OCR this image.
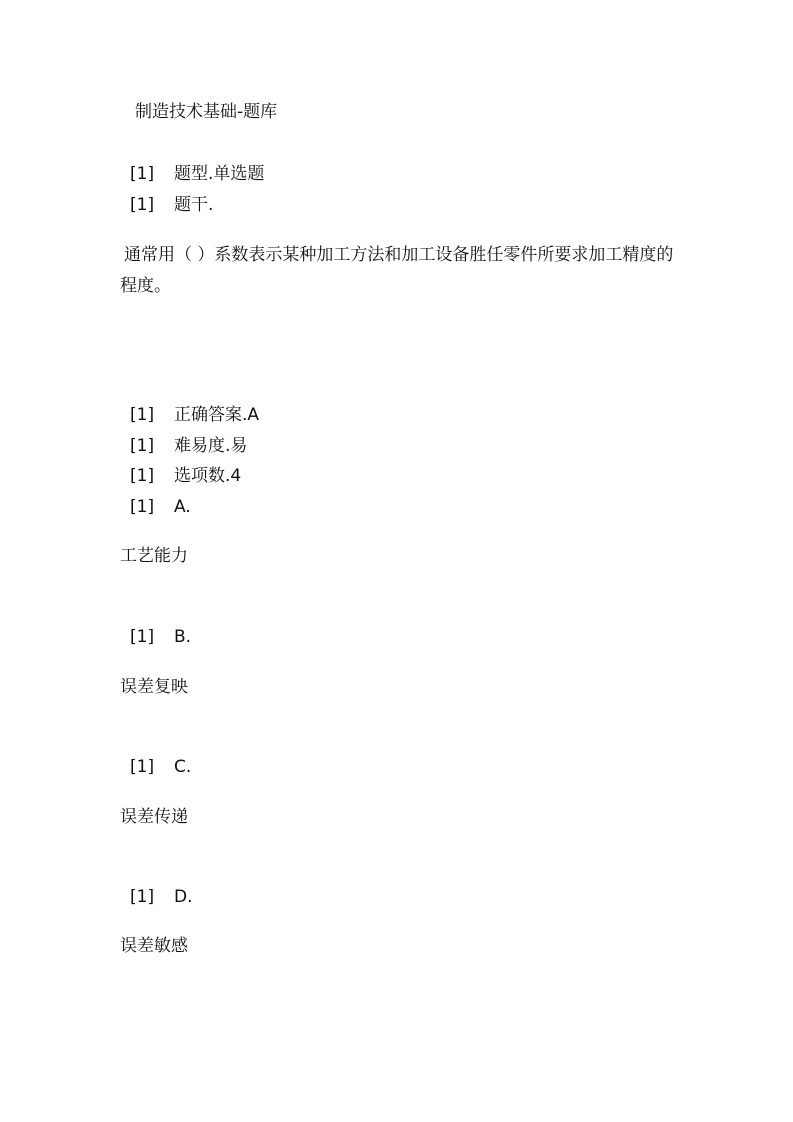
制造技术基础-题库
[1] 题型.单选题
[1] 题干.
通常用（ ）系数表示某种加工方法和加工设备胜任零件所要求加工精度的程度。
[1] 正确答案.A
[1] 难易度.易
[1] 选项数.4
[1] A.
工艺能力
[1] B.
误差复映
[1] C.
误差传递
[1] D.
误差敏感
